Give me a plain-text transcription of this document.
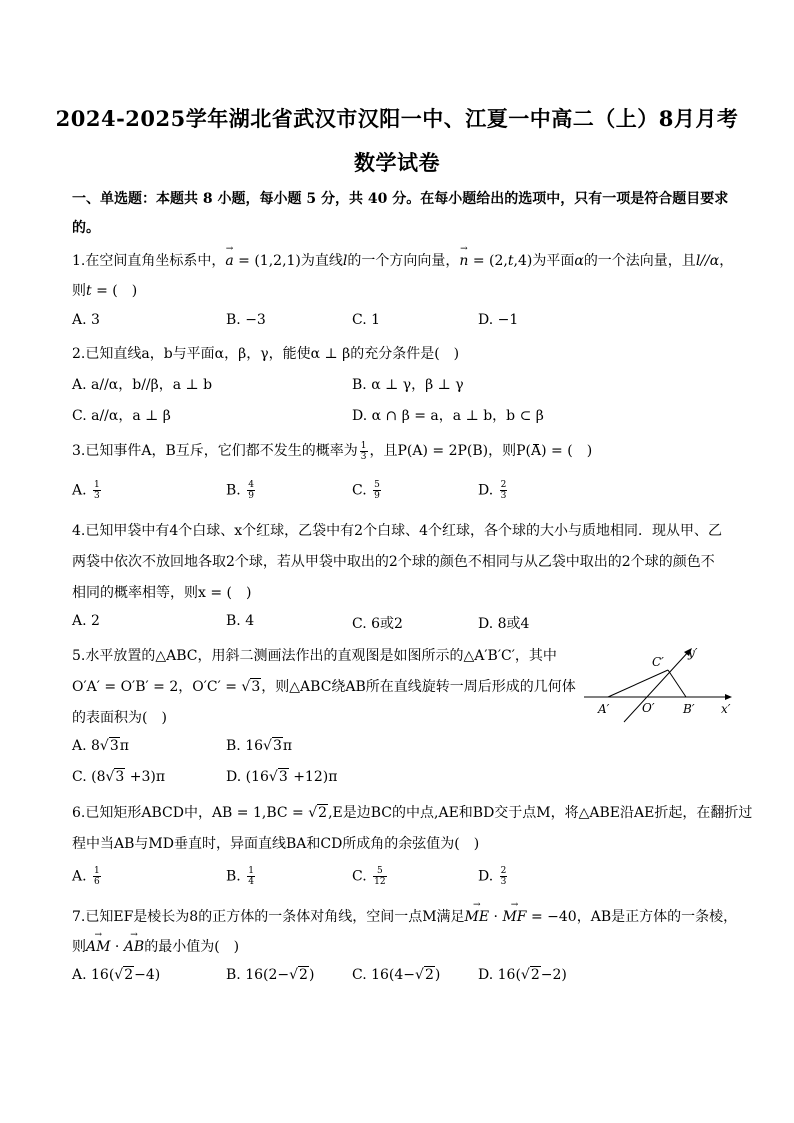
2024-2025学年湖北省武汉市汉阳一中、江夏一中高二（上）8月月考
数学试卷
一、单选题：本题共 8 小题，每小题 5 分，共 40 分。在每小题给出的选项中，只有一项是符合题目要求
的。
1.在空间直角坐标系中，→ a = (1,2,1)为直线l的一个方向向量，→ n = (2,t,4)为平面α的一个法向量，且l//α，
则t = (　)
A. 3	B. −3	C. 1	D. −1
2.已知直线a，b与平面α，β，γ，能使α ⊥ β的充分条件是(　)
A. a//α，b//β，a ⊥ b	B. α ⊥ γ，β ⊥ γ
C. a//α，a ⊥ β	D. α ∩ β = a，a ⊥ b，b ⊂ β
3.已知事件A，B互斥，它们都不发生的概率为 $\frac{1}{3}$ ，且P(A) = 2P(B)，则P(A) = (　)
A. $\frac{1}{3}$	B. $\frac{4}{9}$	C. $\frac{5}{9}$	D. $\frac{2}{3}$
4.已知甲袋中有4个白球、x个红球，乙袋中有2个白球、4个红球，各个球的大小与质地相同．现从甲、乙
两袋中依次不放回地各取2个球，若从甲袋中取出的2个球的颜色不相同与从乙袋中取出的2个球的颜色不
相同的概率相等，则x = (　)
A. 2	B. 4	C. 6或2	D. 8或4
5.水平放置的△ABC，用斜二测画法作出的直观图是如图所示的△A′B′C′，其中
O′A′ = O′B′ = 2，O′C′ = √3，则△ABC绕AB所在直线旋转一周后形成的几何体
的表面积为(　)
C′
y′
A′	O′ B′ x′
A. 8√3π	B. 16√3π
C. (8√3 +3)π	D. (16√3 +12)π
6.已知矩形ABCD中，AB = 1,BC = √2,E是边BC的中点,AE和BD交于点M，将△ABE沿AE折起，在翻折过
程中当AB与MD垂直时，异面直线BA和CD所成角的余弦值为(　)
A. $\frac{1}{6}$	B. $\frac{1}{4}$	C. $\frac{5}{12}$	D. $\frac{2}{3}$
7.已知EF是棱长为8的正方体的一条体对角线，空间一点M满足→ ME · → MF = −40，AB是正方体的一条棱，
则→ AM · → AB的最小值为(　)
A. 16(√2−4)	B. 16(2−√2)	C. 16(4−√2)	D. 16(√2−2)
